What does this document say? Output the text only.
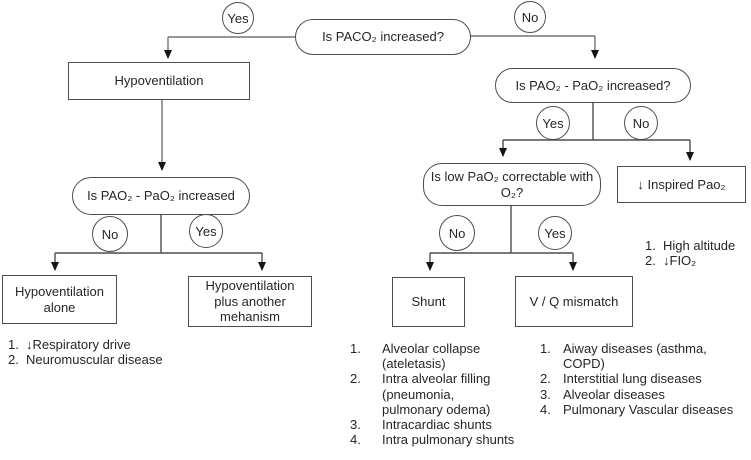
Is PACO₂ increased?
Hypoventilation
Is PAO₂ - PaO₂ increased
Hypoventilation alone
Hypoventilation plus another mehanism
Is PAO₂ - PaO₂ increased?
Is low PaO₂ correctable with O₂?
↓ Inspired Pao₂
Shunt	V / Q mismatch
Yes	No
No	Yes
Yes	No
No	Yes
1. ↓Respiratory drive
2. Neuromuscular disease
1. High altitude
2. ↓FIO₂
1.	Alveolar collapse (ateletasis)
2.	Intra alveolar filling (pneumonia, pulmonary odema)
3.	Intracardiac shunts
4.	Intra pulmonary shunts
1. Aiway diseases (asthma, COPD)
2. Interstitial lung diseases
3. Alveolar diseases
4. Pulmonary Vascular diseases
